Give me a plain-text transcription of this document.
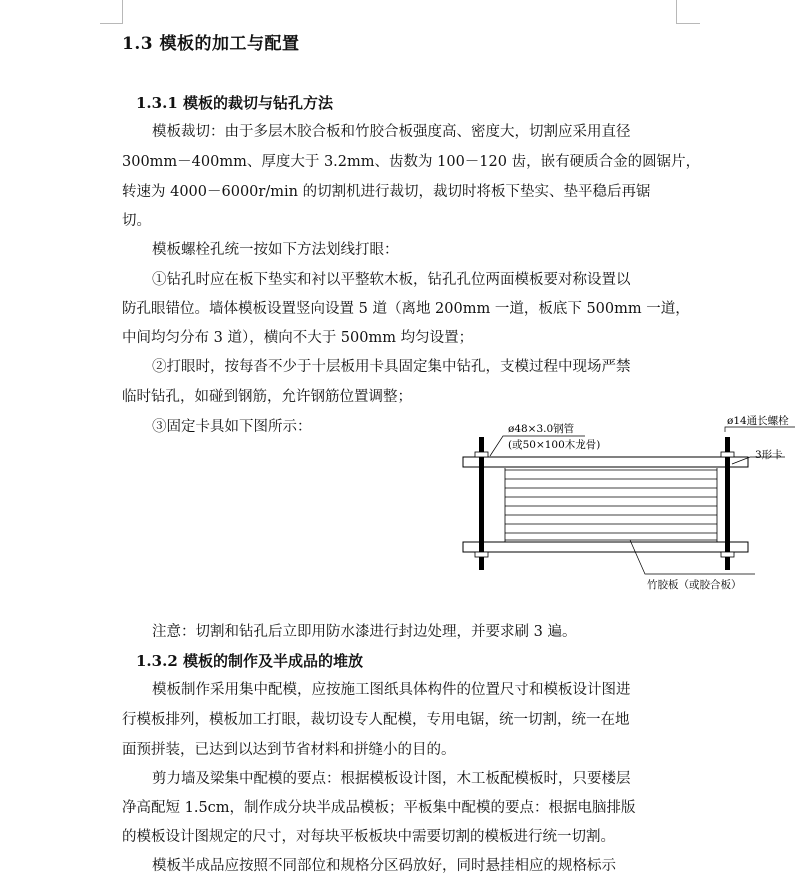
1.3 模板的加工与配置
1.3.1 模板的裁切与钻孔方法
模板裁切：由于多层木胶合板和竹胶合板强度高、密度大，切割应采用直径
300mm－400mm、厚度大于 3.2mm、齿数为 100－120 齿，嵌有硬质合金的圆锯片，
转速为 4000－6000r/min 的切割机进行裁切，裁切时将板下垫实、垫平稳后再锯
切。
模板螺栓孔统一按如下方法划线打眼：
①钻孔时应在板下垫实和衬以平整软木板，钻孔孔位两面模板要对称设置以
防孔眼错位。墙体模板设置竖向设置 5 道（离地 200mm 一道，板底下 500mm 一道，
中间均匀分布 3 道），横向不大于 500mm 均匀设置；
②打眼时，按每沓不少于十层板用卡具固定集中钻孔，支模过程中现场严禁
临时钻孔，如碰到钢筋，允许钢筋位置调整；
③固定卡具如下图所示：	ø48×3.0钢管
(或50×100木龙骨)
ø14通长螺栓
3形卡
竹胶板（或胶合板）
注意：切割和钻孔后立即用防水漆进行封边处理，并要求刷 3 遍。
1.3.2 模板的制作及半成品的堆放
模板制作采用集中配模，应按施工图纸具体构件的位置尺寸和模板设计图进
行模板排列，模板加工打眼，裁切设专人配模，专用电锯，统一切割，统一在地
面预拼装，已达到以达到节省材料和拼缝小的目的。
剪力墙及梁集中配模的要点：根据模板设计图，木工板配模板时，只要楼层
净高配短 1.5cm，制作成分块半成品模板；平板集中配模的要点：根据电脑排版
的模板设计图规定的尺寸，对每块平板板块中需要切割的模板进行统一切割。
模板半成品应按照不同部位和规格分区码放好，同时悬挂相应的规格标示
